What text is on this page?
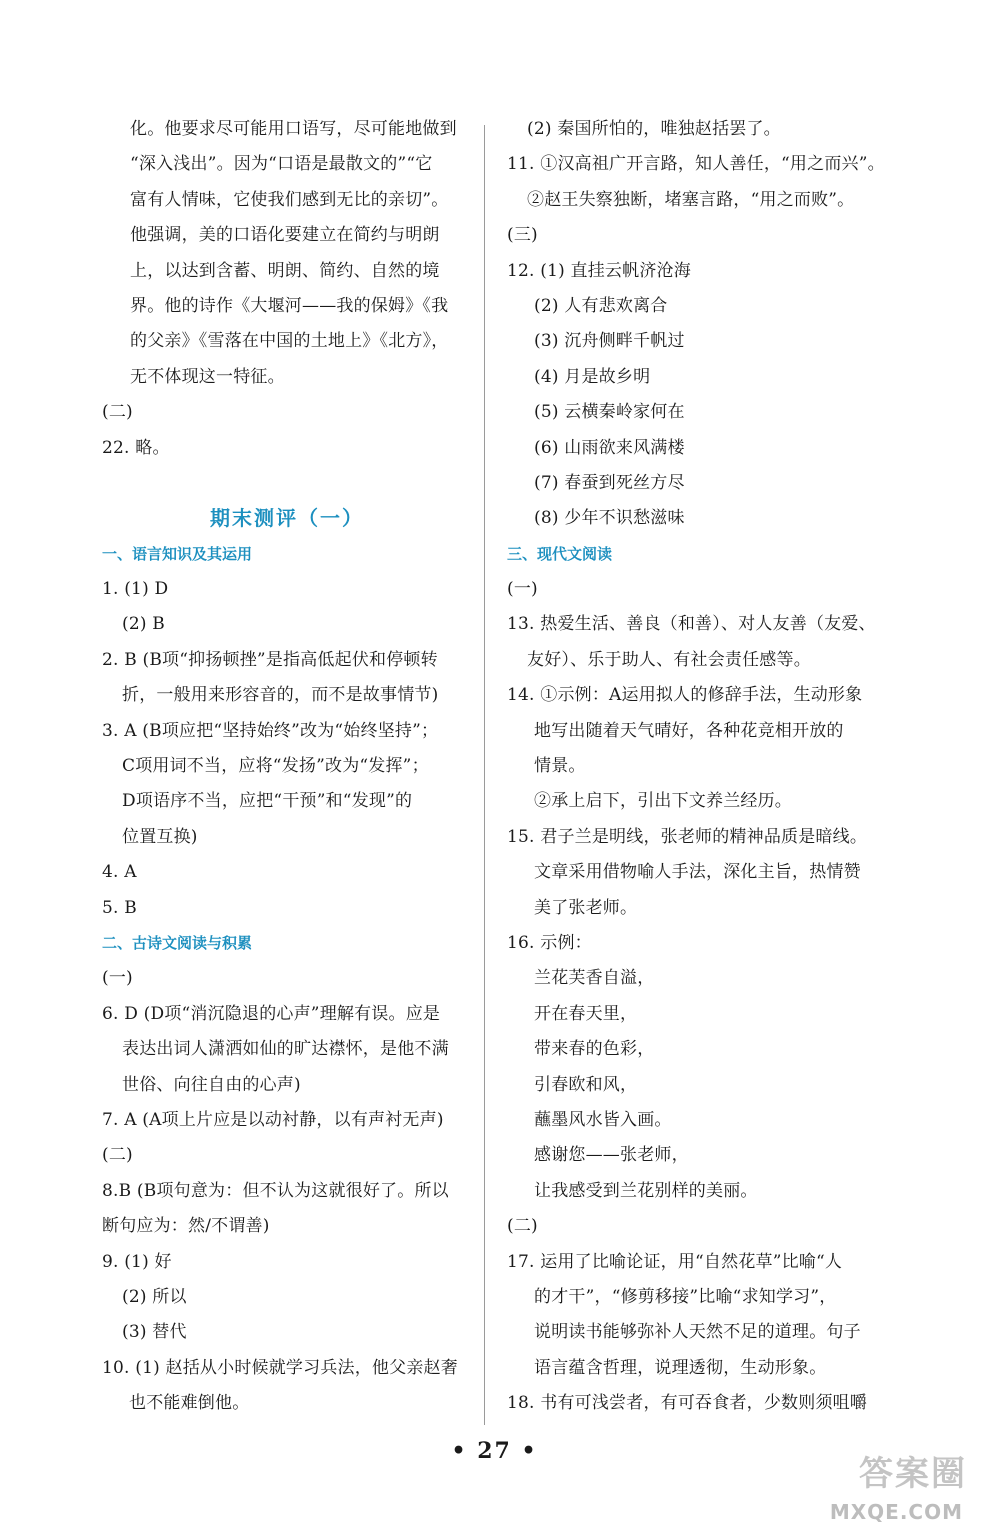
化。他要求尽可能用口语写，尽可能地做到
“深入浅出”。因为“口语是最散文的”“它
富有人情味，它使我们感到无比的亲切”。
他强调，美的口语化要建立在简约与明朗
上，以达到含蓄、明朗、简约、自然的境
界。他的诗作《大堰河——我的保姆》《我
的父亲》《雪落在中国的土地上》《北方》，
无不体现这一特征。
(二)
22. 略。
期末测评（一）
一、语言知识及其运用
1. (1) D
(2) B
2. B (B项“抑扬顿挫”是指高低起伏和停顿转
折，一般用来形容音的，而不是故事情节)
3. A (B项应把“坚持始终”改为“始终坚持”；
C项用词不当，应将“发扬”改为“发挥”；
D项语序不当，应把“干预”和“发现”的
位置互换)
4. A
5. B
二、古诗文阅读与积累
(一)
6. D (D项“消沉隐退的心声”理解有误。应是
表达出词人潇洒如仙的旷达襟怀，是他不满
世俗、向往自由的心声)
7. A (A项上片应是以动衬静，以有声衬无声)
(二)
8.B (B项句意为：但不认为这就很好了。所以
断句应为：然/不谓善)
9. (1) 好
(2) 所以
(3) 替代
10. (1) 赵括从小时候就学习兵法，他父亲赵奢
也不能难倒他。
(2) 秦国所怕的，唯独赵括罢了。
11. ①汉高祖广开言路，知人善任，“用之而兴”。
②赵王失察独断，堵塞言路，“用之而败”。
(三)
12. (1) 直挂云帆济沧海
(2) 人有悲欢离合
(3) 沉舟侧畔千帆过
(4) 月是故乡明
(5) 云横秦岭家何在
(6) 山雨欲来风满楼
(7) 春蚕到死丝方尽
(8) 少年不识愁滋味
三、现代文阅读
(一)
13. 热爱生活、善良（和善）、对人友善（友爱、
友好）、乐于助人、有社会责任感等。
14. ①示例：A运用拟人的修辞手法，生动形象
地写出随着天气晴好，各种花竞相开放的
情景。
②承上启下，引出下文养兰经历。
15. 君子兰是明线，张老师的精神品质是暗线。
文章采用借物喻人手法，深化主旨，热情赞
美了张老师。
16. 示例：
兰花芙香自溢，
开在春天里，
带来春的色彩，
引春欧和风，
蘸墨风水皆入画。
感谢您——张老师，
让我感受到兰花别样的美丽。
(二)
17. 运用了比喻论证，用“自然花草”比喻“人
的才干”，“修剪移接”比喻“求知学习”，
说明读书能够弥补人天然不足的道理。句子
语言蕴含哲理，说理透彻，生动形象。
18. 书有可浅尝者，有可吞食者，少数则须咀嚼
• 27 •
答案圈
MXQE.COM
